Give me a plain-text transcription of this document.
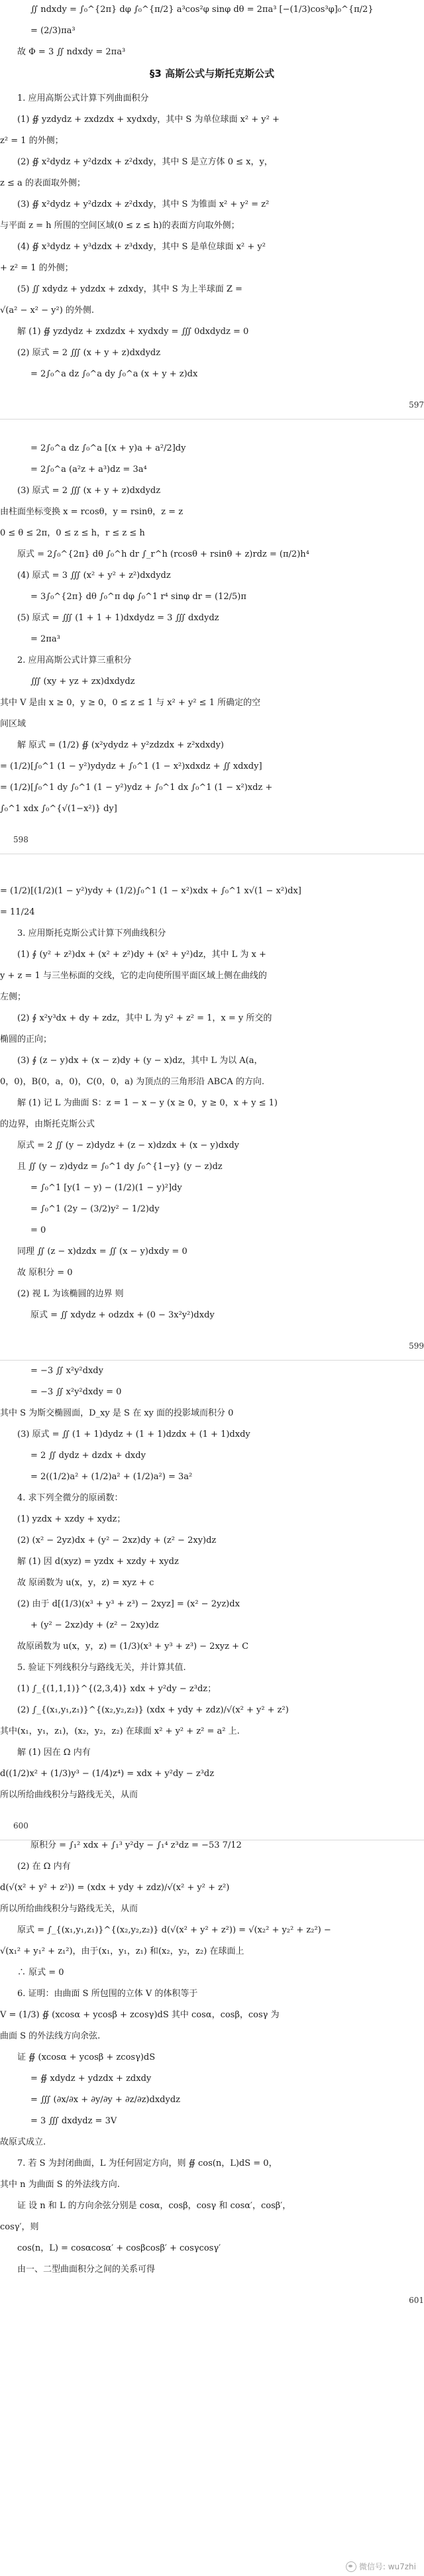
∬ ndxdy = ∫₀^{2π} dφ ∫₀^{π/2} a³cos²φ sinφ dθ = 2πa³ [−(1/3)cos³φ]₀^{π/2}
= (2/3)πa³
故 Φ = 3 ∬ ndxdy = 2πa³
§3 高斯公式与斯托克斯公式
1. 应用高斯公式计算下列曲面积分
(1) ∯ yzdydz + zxdzdx + xydxdy，其中 S 为单位球面 x² + y² +
z² = 1 的外侧；
(2) ∯ x²dydz + y²dzdx + z²dxdy，其中 S 是立方体 0 ≤ x，y，
z ≤ a 的表面取外侧；
(3) ∯ x²dydz + y²dzdx + z²dxdy，其中 S 为锥面 x² + y² = z²
与平面 z = h 所围的空间区域(0 ≤ z ≤ h)的表面方向取外侧；
(4) ∯ x³dydz + y³dzdx + z³dxdy，其中 S 是单位球面 x² + y²
+ z² = 1 的外侧；
(5) ∬ xdydz + ydzdx + zdxdy，其中 S 为上半球面 Z =
√(a² − x² − y²) 的外侧.
解 (1) ∯ yzdydz + zxdzdx + xydxdy = ∭ 0dxdydz = 0
(2) 原式 = 2 ∭ (x + y + z)dxdydz
= 2∫₀^a dz ∫₀^a dy ∫₀^a (x + y + z)dx
597
= 2∫₀^a dz ∫₀^a [(x + y)a + a²/2]dy
= 2∫₀^a (a²z + a³)dz = 3a⁴
(3) 原式 = 2 ∭ (x + y + z)dxdydz
由柱面坐标变换 x = rcosθ，y = rsinθ，z = z
0 ≤ θ ≤ 2π，0 ≤ z ≤ h，r ≤ z ≤ h
原式 = 2∫₀^{2π} dθ ∫₀^h dr ∫_r^h (rcosθ + rsinθ + z)rdz = (π/2)h⁴
(4) 原式 = 3 ∭ (x² + y² + z²)dxdydz
= 3∫₀^{2π} dθ ∫₀^π dφ ∫₀^1 r⁴ sinφ dr = (12/5)π
(5) 原式 = ∭ (1 + 1 + 1)dxdydz = 3 ∭ dxdydz
= 2πa³
2. 应用高斯公式计算三重积分
∭ (xy + yz + zx)dxdydz
其中 V 是由 x ≥ 0，y ≥ 0，0 ≤ z ≤ 1 与 x² + y² ≤ 1 所确定的空
间区域
解 原式 = (1/2) ∯ (x²ydydz + y²zdzdx + z²xdxdy)
= (1/2)[∫₀^1 (1 − y²)ydydz + ∫₀^1 (1 − x²)xdxdz + ∬ xdxdy]
= (1/2)[∫₀^1 dy ∫₀^1 (1 − y²)ydz + ∫₀^1 dx ∫₀^1 (1 − x²)xdz +
∫₀^1 xdx ∫₀^{√(1−x²)} dy]
598
= (1/2)[(1/2)(1 − y²)ydy + (1/2)∫₀^1 (1 − x²)xdx + ∫₀^1 x√(1 − x²)dx]
= 11/24
3. 应用斯托克斯公式计算下列曲线积分
(1) ∮ (y² + z²)dx + (x² + z²)dy + (x² + y²)dz，其中 L 为 x +
y + z = 1 与三坐标面的交线，它的走向使所围平面区域上侧在曲线的
左侧；
(2) ∮ x²y³dx + dy + zdz，其中 L 为 y² + z² = 1，x = y 所交的
椭圆的正向；
(3) ∮ (z − y)dx + (x − z)dy + (y − x)dz，其中 L 为以 A(a，
0，0)，B(0，a，0)，C(0，0，a) 为顶点的三角形沿 ABCA 的方向.
解 (1) 记 L 为曲面 S：z = 1 − x − y (x ≥ 0，y ≥ 0，x + y ≤ 1)
的边界，由斯托克斯公式
原式 = 2 ∬ (y − z)dydz + (z − x)dzdx + (x − y)dxdy
且 ∬ (y − z)dydz = ∫₀^1 dy ∫₀^{1−y} (y − z)dz
= ∫₀^1 [y(1 − y) − (1/2)(1 − y)²]dy
= ∫₀^1 (2y − (3/2)y² − 1/2)dy
= 0
同理 ∬ (z − x)dzdx = ∬ (x − y)dxdy = 0
故 原积分 = 0
(2) 视 L 为该椭圆的边界 则
原式 = ∬ xdydz + odzdx + (0 − 3x²y²)dxdy
599
= −3 ∬ x²y²dxdy
= −3 ∬ x²y²dxdy = 0
其中 S 为斯交椭圆面，D_xy 是 S 在 xy 面的投影域而积分 0
(3) 原式 = ∬ (1 + 1)dydz + (1 + 1)dzdx + (1 + 1)dxdy
= 2 ∬ dydz + dzdx + dxdy
= 2((1/2)a² + (1/2)a² + (1/2)a²) = 3a²
4. 求下列全微分的原函数：
(1) yzdx + xzdy + xydz；
(2) (x² − 2yz)dx + (y² − 2xz)dy + (z² − 2xy)dz
解 (1) 因 d(xyz) = yzdx + xzdy + xydz
故 原函数为 u(x，y，z) = xyz + c
(2) 由于 d[(1/3)(x³ + y³ + z³) − 2xyz] = (x² − 2yz)dx
+ (y² − 2xz)dy + (z² − 2xy)dz
故原函数为 u(x，y，z) = (1/3)(x³ + y³ + z³) − 2xyz + C
5. 验证下列线积分与路线无关，并计算其值.
(1) ∫_{(1,1,1)}^{(2,3,4)} xdx + y²dy − z³dz；
(2) ∫_{(x₁,y₁,z₁)}^{(x₂,y₂,z₂)} (xdx + ydy + zdz)/√(x² + y² + z²)
其中(x₁，y₁，z₁)，(x₂，y₂，z₂) 在球面 x² + y² + z² = a² 上.
解 (1) 因在 Ω 内有
d((1/2)x² + (1/3)y³ − (1/4)z⁴) = xdx + y²dy − z³dz
所以所给曲线积分与路线无关，从而
600
原积分 = ∫₁² xdx + ∫₁³ y²dy − ∫₁⁴ z³dz = −53 7/12
(2) 在 Ω 内有
d(√(x² + y² + z²)) = (xdx + ydy + zdz)/√(x² + y² + z²)
所以所给曲线积分与路线无关，从而
原式 = ∫_{(x₁,y₁,z₁)}^{(x₂,y₂,z₂)} d(√(x² + y² + z²)) = √(x₂² + y₂² + z₂²) −
√(x₁² + y₁² + z₁²)，由于(x₁，y₁，z₁) 和(x₂，y₂，z₂) 在球面上
∴ 原式 = 0
6. 证明：由曲面 S 所包围的立体 V 的体积等于
V = (1/3) ∯ (xcosα + ycosβ + zcosγ)dS 其中 cosα，cosβ，cosγ 为
曲面 S 的外法线方向余弦.
证 ∯ (xcosα + ycosβ + zcosγ)dS
= ∯ xdydz + ydzdx + zdxdy
= ∭ (∂x/∂x + ∂y/∂y + ∂z/∂z)dxdydz
= 3 ∭ dxdydz = 3V
故原式成立.
7. 若 S 为封闭曲面，L 为任何固定方向，则 ∯ cos(n，L)dS = 0，
其中 n 为曲面 S 的外法线方向.
证 设 n 和 L 的方向余弦分别是 cosα，cosβ，cosγ 和 cosα′，cosβ′，
cosγ′，则
cos(n，L) = cosαcosα′ + cosβcosβ′ + cosγcosγ′
由一、二型曲面积分之间的关系可得
601
微信号: wu7zhi
